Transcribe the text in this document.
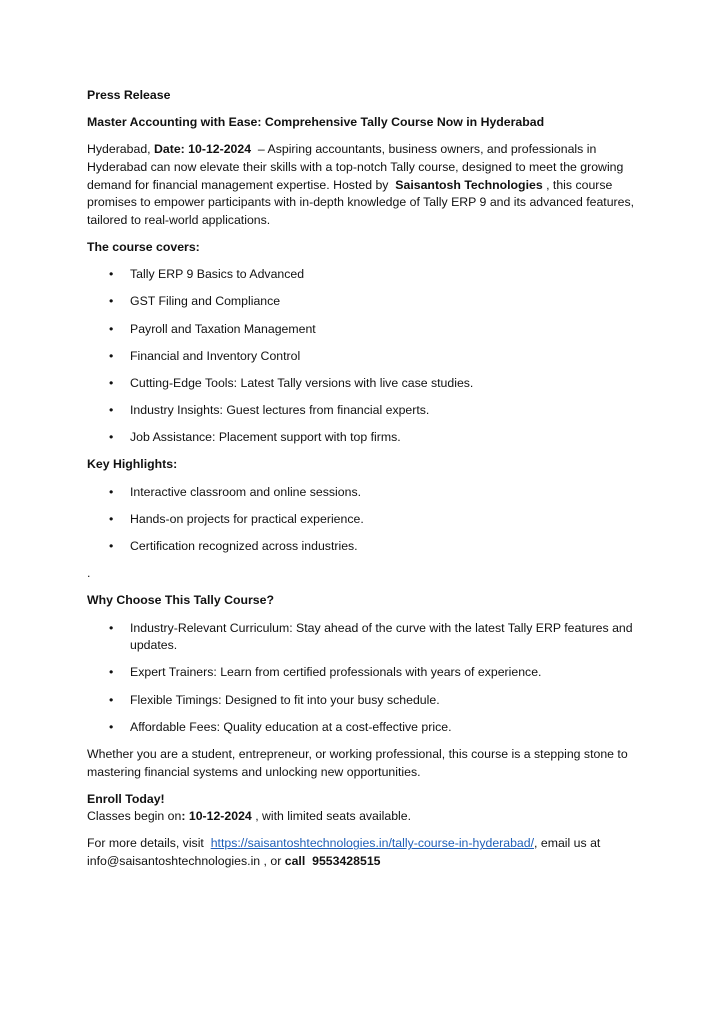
Press Release

Master Accounting with Ease: Comprehensive Tally Course Now in Hyderabad

Hyderabad, Date: 10-12-2024 – Aspiring accountants, business owners, and professionals in Hyderabad can now elevate their skills with a top-notch Tally course, designed to meet the growing demand for financial management expertise. Hosted by Saisantosh Technologies , this course promises to empower participants with in-depth knowledge of Tally ERP 9 and its advanced features, tailored to real-world applications.

The course covers:

• Tally ERP 9 Basics to Advanced
• GST Filing and Compliance
• Payroll and Taxation Management
• Financial and Inventory Control
• Cutting-Edge Tools: Latest Tally versions with live case studies.
• Industry Insights: Guest lectures from financial experts.
• Job Assistance: Placement support with top firms.

Key Highlights:

• Interactive classroom and online sessions.
• Hands-on projects for practical experience.
• Certification recognized across industries.

.

Why Choose This Tally Course?

• Industry-Relevant Curriculum: Stay ahead of the curve with the latest Tally ERP features and updates.
• Expert Trainers: Learn from certified professionals with years of experience.
• Flexible Timings: Designed to fit into your busy schedule.
• Affordable Fees: Quality education at a cost-effective price.

Whether you are a student, entrepreneur, or working professional, this course is a stepping stone to mastering financial systems and unlocking new opportunities.

Enroll Today!

Classes begin on: 10-12-2024 , with limited seats available.

For more details, visit https://saisantoshtechnologies.in/tally-course-in-hyderabad/, email us at info@saisantoshtechnologies.in , or call 9553428515
